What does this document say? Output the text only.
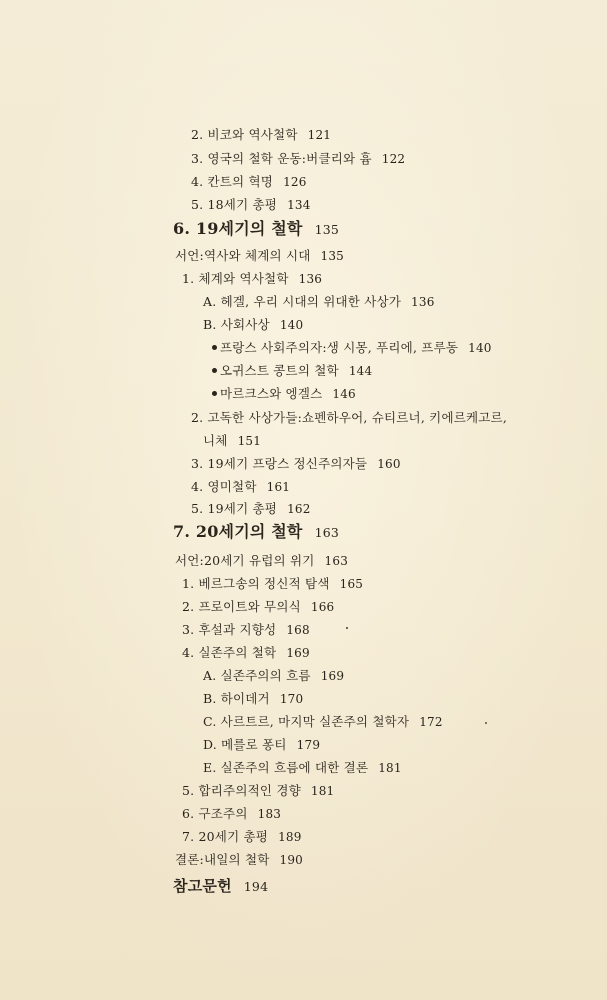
2. 비코와 역사철학 121
3. 영국의 철학 운동:버클리와 흄 122
4. 칸트의 혁명 126
5. 18세기 총평 134
6. 19세기의 철학 135
서언:역사와 체계의 시대 135
1. 체계와 역사철학 136
A. 헤겔, 우리 시대의 위대한 사상가 136
B. 사회사상 140
프랑스 사회주의자:생 시몽, 푸리에, 프루동 140
오귀스트 콩트의 철학 144
마르크스와 엥겔스 146
2. 고독한 사상가들:쇼펜하우어, 슈티르너, 키에르케고르,
니체 151
3. 19세기 프랑스 정신주의자들 160
4. 영미철학 161
5. 19세기 총평 162
7. 20세기의 철학 163
서언:20세기 유럽의 위기 163
1. 베르그송의 정신적 탐색 165
2. 프로이트와 무의식 166
3. 후설과 지향성 168
4. 실존주의 철학 169
A. 실존주의의 흐름 169
B. 하이데거 170
C. 사르트르, 마지막 실존주의 철학자 172
D. 메를로 퐁티 179
E. 실존주의 흐름에 대한 결론 181
5. 합리주의적인 경향 181
6. 구조주의 183
7. 20세기 총평 189
결론:내일의 철학 190
참고문헌 194
